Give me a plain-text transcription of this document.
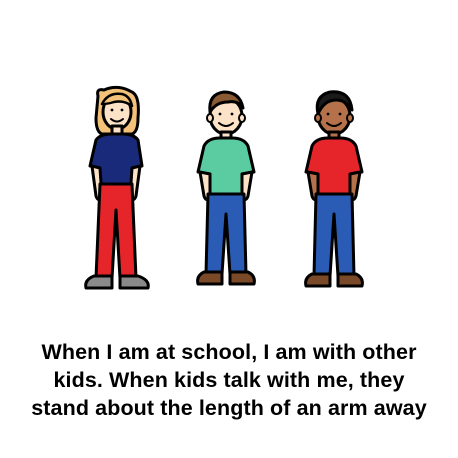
When I am at school, I am with other
kids. When kids talk with me, they
stand about the length of an arm away
